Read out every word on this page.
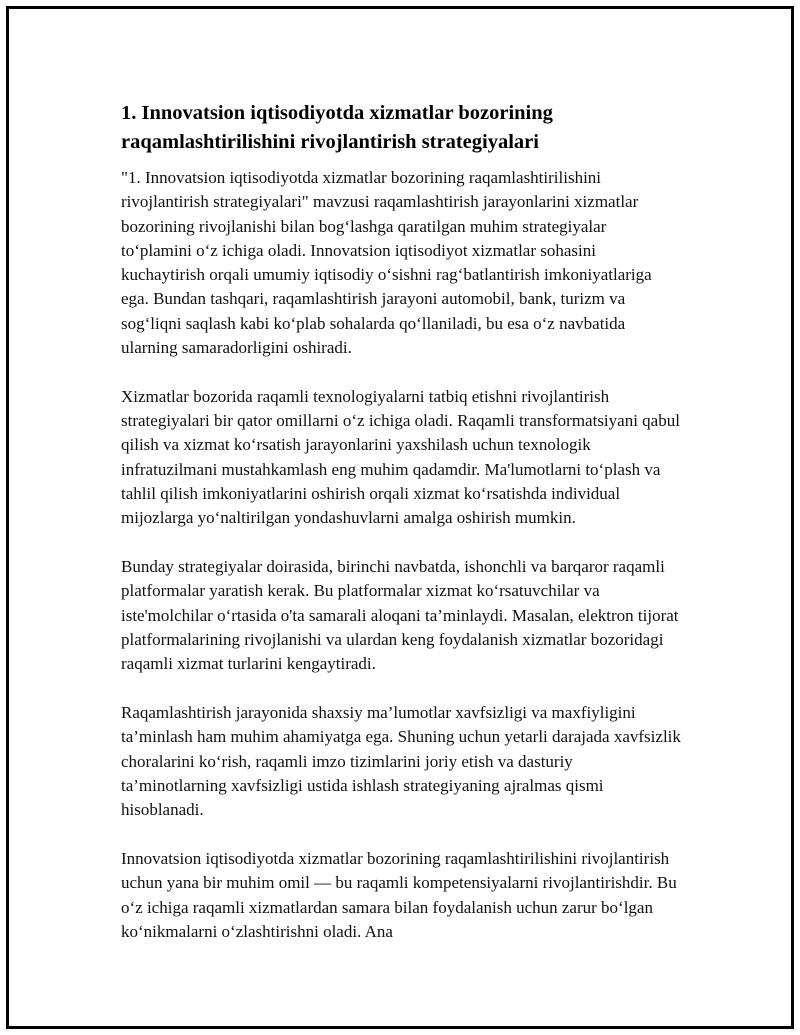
1. Innovatsion iqtisodiyotda xizmatlar bozorining raqamlashtirilishini rivojlantirish strategiyalari

"1. Innovatsion iqtisodiyotda xizmatlar bozorining raqamlashtirilishini rivojlantirish strategiyalari" mavzusi raqamlashtirish jarayonlarini xizmatlar bozorining rivojlanishi bilan bog‘lashga qaratilgan muhim strategiyalar to‘plamini o‘z ichiga oladi. Innovatsion iqtisodiyot xizmatlar sohasini kuchaytirish orqali umumiy iqtisodiy o‘sishni rag‘batlantirish imkoniyatlariga ega. Bundan tashqari, raqamlashtirish jarayoni automobil, bank, turizm va sog‘liqni saqlash kabi ko‘plab sohalarda qo‘llaniladi, bu esa o‘z navbatida ularning samaradorligini oshiradi.

Xizmatlar bozorida raqamli texnologiyalarni tatbiq etishni rivojlantirish strategiyalari bir qator omillarni o‘z ichiga oladi. Raqamli transformatsiyani qabul qilish va xizmat ko‘rsatish jarayonlarini yaxshilash uchun texnologik infratuzilmani mustahkamlash eng muhim qadamdir. Ma'lumotlarni to‘plash va tahlil qilish imkoniyatlarini oshirish orqali xizmat ko‘rsatishda individual mijozlarga yo‘naltirilgan yondashuvlarni amalga oshirish mumkin.

Bunday strategiyalar doirasida, birinchi navbatda, ishonchli va barqaror raqamli platformalar yaratish kerak. Bu platformalar xizmat ko‘rsatuvchilar va iste'molchilar o‘rtasida o'ta samarali aloqani ta’minlaydi. Masalan, elektron tijorat platformalarining rivojlanishi va ulardan keng foydalanish xizmatlar bozoridagi raqamli xizmat turlarini kengaytiradi.

Raqamlashtirish jarayonida shaxsiy ma’lumotlar xavfsizligi va maxfiyligini ta’minlash ham muhim ahamiyatga ega. Shuning uchun yetarli darajada xavfsizlik choralarini ko‘rish, raqamli imzo tizimlarini joriy etish va dasturiy ta’minotlarning xavfsizligi ustida ishlash strategiyaning ajralmas qismi hisoblanadi.

Innovatsion iqtisodiyotda xizmatlar bozorining raqamlashtirilishini rivojlantirish uchun yana bir muhim omil — bu raqamli kompetensiyalarni rivojlantirishdir. Bu o‘z ichiga raqamli xizmatlardan samara bilan foydalanish uchun zarur bo‘lgan ko‘nikmalarni o‘zlashtirishni oladi. Ana
